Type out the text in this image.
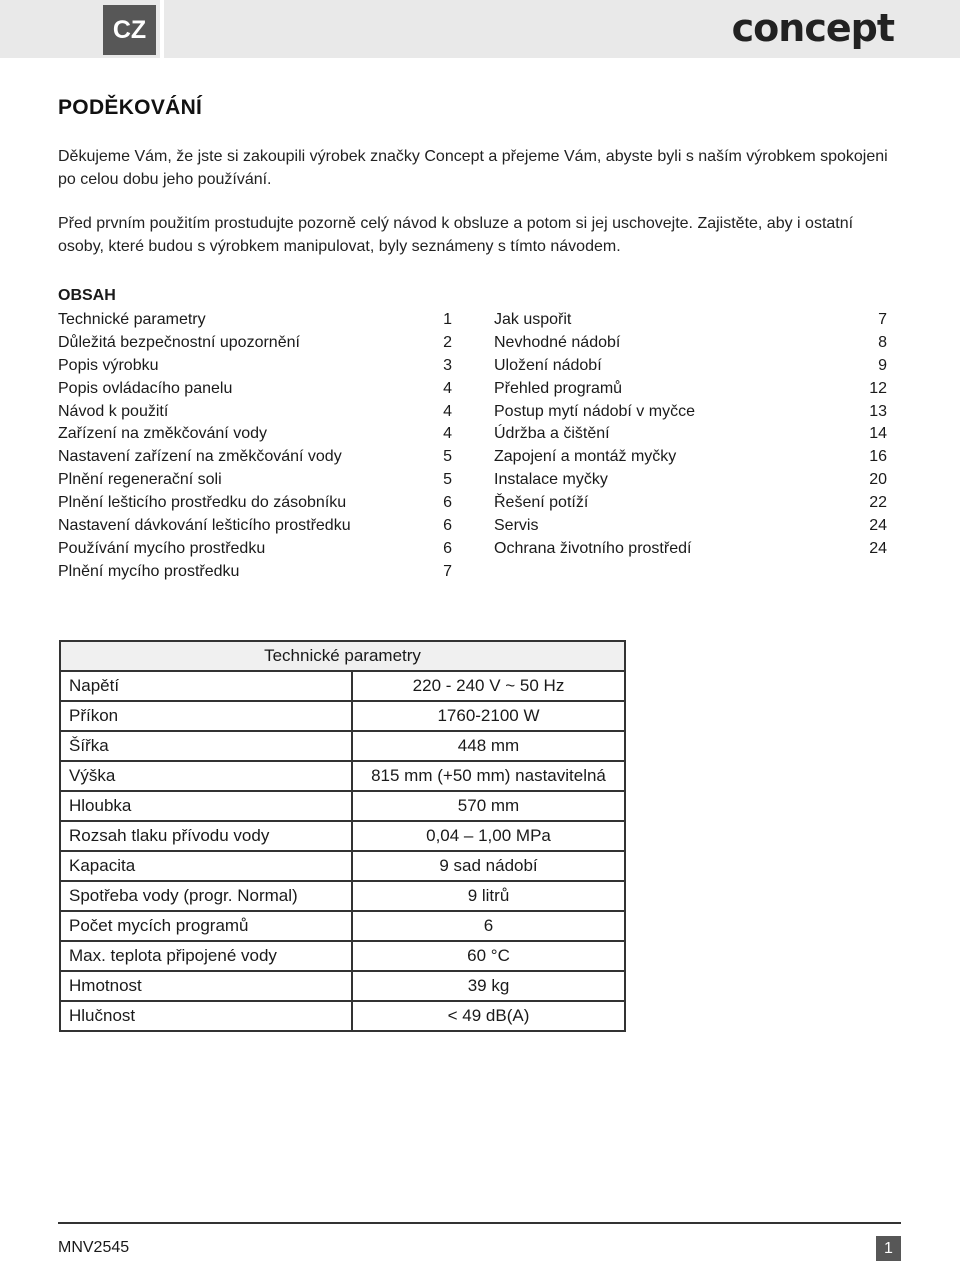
CZ	concept
PODĚKOVÁNÍ
Děkujeme Vám, že jste si zakoupili výrobek značky Concept a přejeme Vám, abyste byli s naším výrobkem spokojeni po celou dobu jeho používání.
Před prvním použitím prostudujte pozorně celý návod k obsluze a potom si jej uschovejte. Zajistěte, aby i ostatní osoby, které budou s výrobkem manipulovat, byly seznámeny s tímto návodem.
OBSAH
Technické parametry	1
Důležitá bezpečnostní upozornění	2
Popis výrobku	3
Popis ovládacího panelu	4
Návod k použití	4
Zařízení na změkčování vody	4
Nastavení zařízení na změkčování vody	5
Plnění regenerační soli	5
Plnění lešticího prostředku do zásobníku	6
Nastavení dávkování lešticího prostředku	6
Používání mycího prostředku	6
Plnění mycího prostředku	7
Jak uspořit	7
Nevhodné nádobí	8
Uložení nádobí	9
Přehled programů	12
Postup mytí nádobí v myčce	13
Údržba a čištění	14
Zapojení a montáž myčky	16
Instalace myčky	20
Řešení potíží	22
Servis	24
Ochrana životního prostředí	24
Technické parametry	
Napětí	220 - 240 V ~ 50 Hz
Příkon	1760-2100 W
Šířka	448 mm
Výška	815 mm (+50 mm) nastavitelná
Hloubka	570 mm
Rozsah tlaku přívodu vody	0,04 – 1,00 MPa
Kapacita	9 sad nádobí
Spotřeba vody (progr. Normal)	9 litrů
Počet mycích programů	6
Max. teplota připojené vody	60 °C
Hmotnost	39 kg
Hlučnost	< 49 dB(A)
MNV2545	1
